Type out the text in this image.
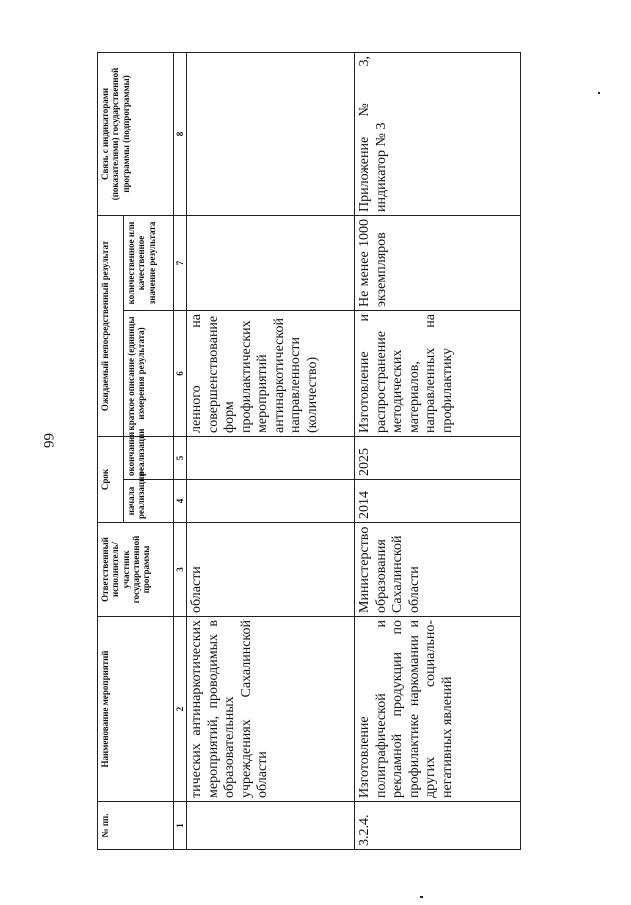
66
№ пп.	Наименование мероприятий	Ответственный исполнитель/ участник государственной программы	Срок		Ожидаемый непосредственный результат		Связь с индикаторами (показателями) государственной программы (подпрограммы)
			начала реализации	окончания реализации	краткое описание (единицы измерения результата)	количественное или качественное значение результата	
1	2	3	4	5	6	7	8
	тических антинаркотических мероприятий, проводимых в образовательных учреждениях Сахалинской области	области			ленного на совершенствование форм профилактических мероприятий антинаркотической направленности (количество)		
3.2.4.	Изготовление полиграфической и рекламной продукции по профилактике наркомании и других социально-негативных явлений	Министерство образования Сахалинской области	2014	2025	Изготовление и распространение методических материалов, направленных на профилактику	Не менее 1000 экземпляров	Приложение № 3, индикатор № 3
